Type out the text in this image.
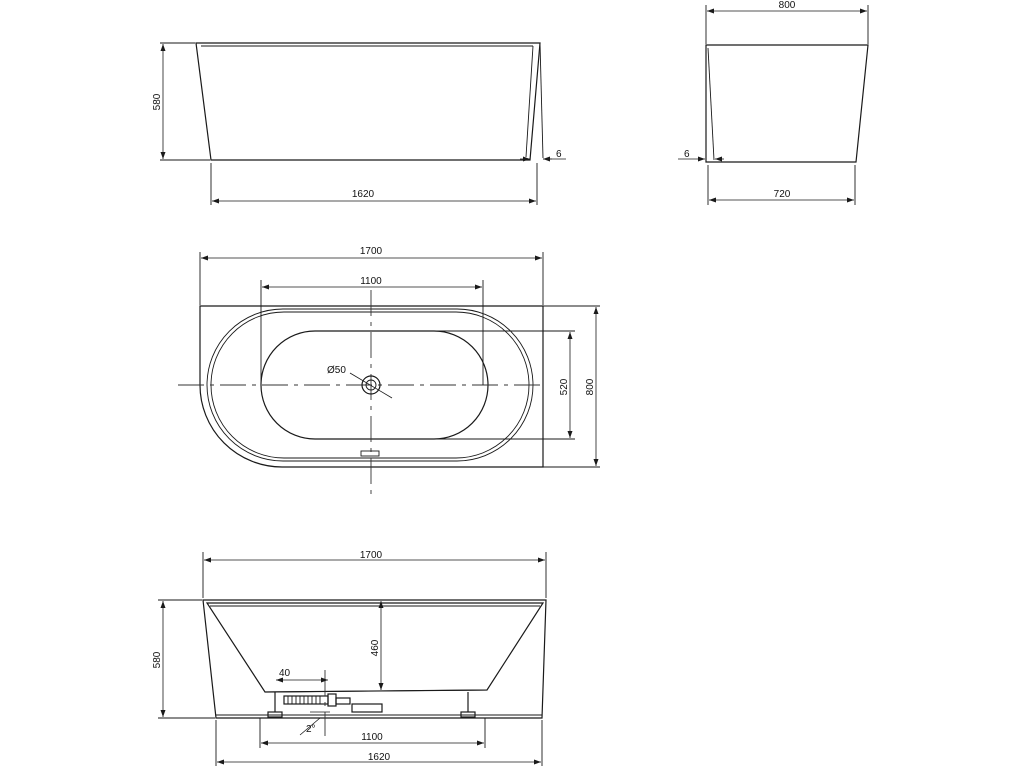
580
1620
6
800
720
6
1700
1100
Ø50
520 800
1700
580
460
40
2°
1100
1620
